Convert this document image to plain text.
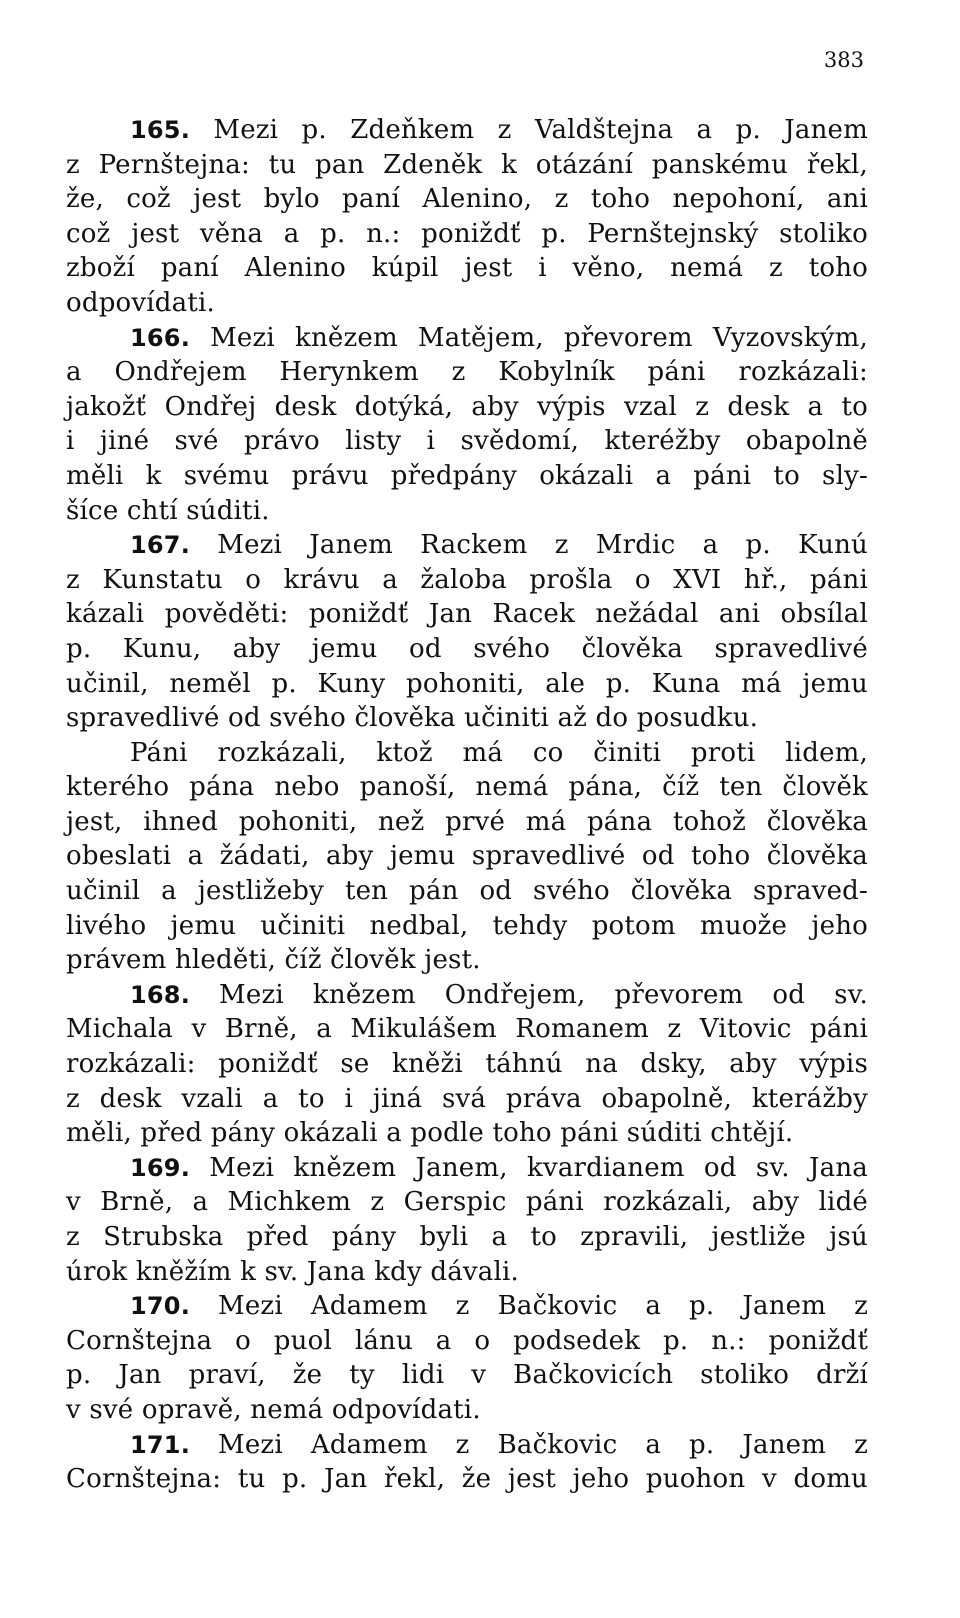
383
165. Mezi p. Zdeňkem z Valdštejna a p. Janem
z Pernštejna: tu pan Zdeněk k otázání panskému řekl,
že, což jest bylo paní Alenino, z toho nepohoní, ani
což jest věna a p. n.: poniždť p. Pernštejnský stoliko
zboží paní Alenino kúpil jest i věno, nemá z toho
odpovídati.
166. Mezi knězem Matějem, převorem Vyzovským,
a Ondřejem Herynkem z Kobylník páni rozkázali:
jakožť Ondřej desk dotýká, aby výpis vzal z desk a to
i jiné své právo listy i svědomí, kteréžby obapolně
měli k svému právu předpány okázali a páni to sly-
šíce chtí súditi.
167. Mezi Janem Rackem z Mrdic a p. Kunú
z Kunstatu o krávu a žaloba prošla o XVI hř., páni
kázali pověděti: poniždť Jan Racek nežádal ani obsílal
p. Kunu, aby jemu od svého člověka spravedlivé
učinil, neměl p. Kuny pohoniti, ale p. Kuna má jemu
spravedlivé od svého člověka učiniti až do posudku.
Páni rozkázali, ktož má co činiti proti lidem,
kterého pána nebo panoší, nemá pána, číž ten člověk
jest, ihned pohoniti, než prvé má pána tohož člověka
obeslati a žádati, aby jemu spravedlivé od toho člověka
učinil a jestližeby ten pán od svého člověka spraved-
livého jemu učiniti nedbal, tehdy potom muože jeho
právem hleděti, číž člověk jest.
168. Mezi knězem Ondřejem, převorem od sv.
Michala v Brně, a Mikulášem Romanem z Vitovic páni
rozkázali: poniždť se kněži táhnú na dsky, aby výpis
z desk vzali a to i jiná svá práva obapolně, kterážby
měli, před pány okázali a podle toho páni súditi chtějí.
169. Mezi knězem Janem, kvardianem od sv. Jana
v Brně, a Michkem z Gerspic páni rozkázali, aby lidé
z Strubska před pány byli a to zpravili, jestliže jsú
úrok kněžím k sv. Jana kdy dávali.
170. Mezi Adamem z Bačkovic a p. Janem z
Cornštejna o puol lánu a o podsedek p. n.: poniždť
p. Jan praví, že ty lidi v Bačkovicích stoliko drží
v své opravě, nemá odpovídati.
171. Mezi Adamem z Bačkovic a p. Janem z
Cornštejna: tu p. Jan řekl, že jest jeho puohon v domu
